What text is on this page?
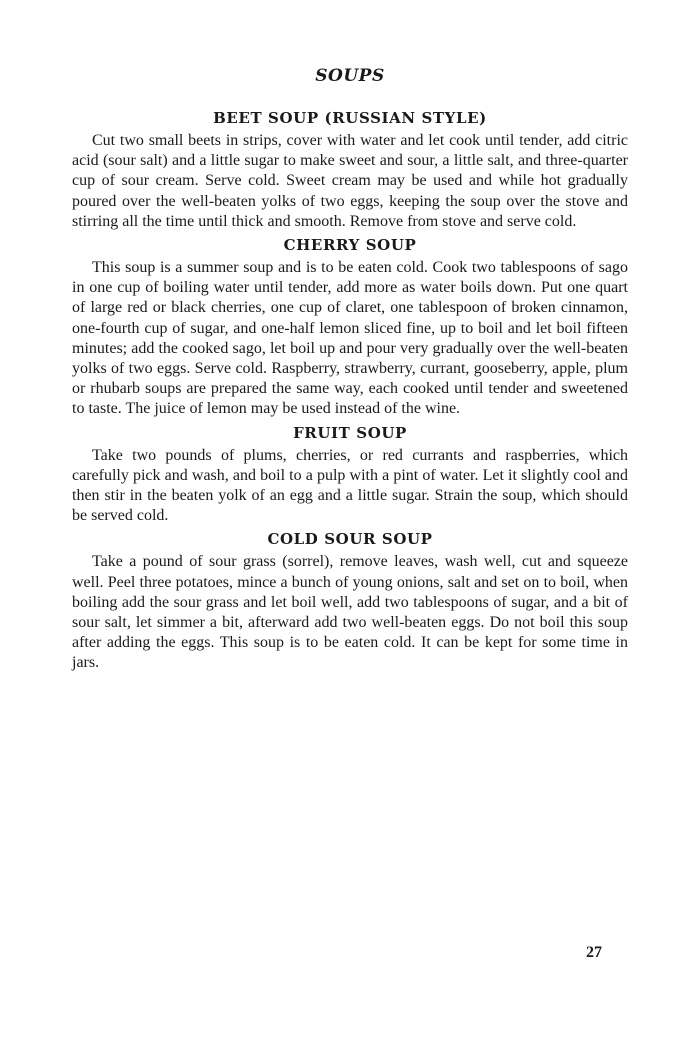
SOUPS
BEET SOUP (RUSSIAN STYLE)

Cut two small beets in strips, cover with water and let cook until tender, add citric acid (sour salt) and a little sugar to make sweet and sour, a little salt, and three-quarter cup of sour cream. Serve cold. Sweet cream may be used and while hot gradually poured over the well-beaten yolks of two eggs, keeping the soup over the stove and stirring all the time until thick and smooth. Remove from stove and serve cold.

CHERRY SOUP

This soup is a summer soup and is to be eaten cold. Cook two tablespoons of sago in one cup of boiling water until tender, add more as water boils down. Put one quart of large red or black cherries, one cup of claret, one tablespoon of broken cinnamon, one-fourth cup of sugar, and one-half lemon sliced fine, up to boil and let boil fifteen minutes; add the cooked sago, let boil up and pour very gradually over the well-beaten yolks of two eggs. Serve cold. Raspberry, strawberry, currant, gooseberry, apple, plum or rhubarb soups are prepared the same way, each cooked until tender and sweetened to taste. The juice of lemon may be used instead of the wine.

FRUIT SOUP

Take two pounds of plums, cherries, or red currants and raspberries, which carefully pick and wash, and boil to a pulp with a pint of water. Let it slightly cool and then stir in the beaten yolk of an egg and a little sugar. Strain the soup, which should be served cold.

COLD SOUR SOUP

Take a pound of sour grass (sorrel), remove leaves, wash well, cut and squeeze well. Peel three potatoes, mince a bunch of young onions, salt and set on to boil, when boiling add the sour grass and let boil well, add two tablespoons of sugar, and a bit of sour salt, let simmer a bit, afterward add two well-beaten eggs. Do not boil this soup after adding the eggs. This soup is to be eaten cold. It can be kept for some time in jars.

27
